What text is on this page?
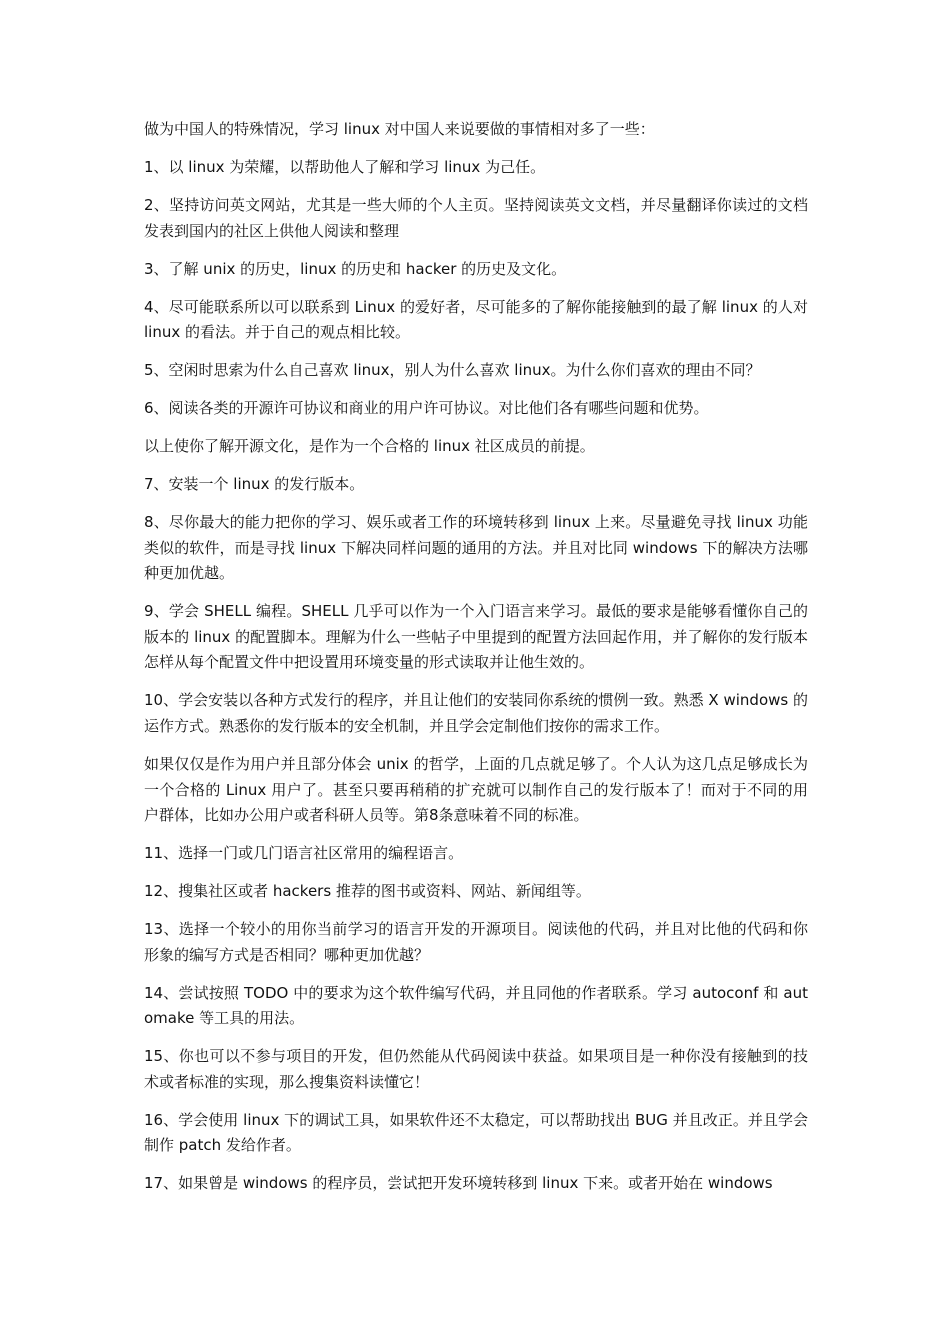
做为中国人的特殊情况，学习 linux 对中国人来说要做的事情相对多了一些：

1、以 linux 为荣耀，以帮助他人了解和学习 linux 为己任。

2、坚持访问英文网站，尤其是一些大师的个人主页。坚持阅读英文文档，并尽量翻译你读过的文档发表到国内的社区上供他人阅读和整理

3、了解 unix 的历史，linux 的历史和 hacker 的历史及文化。

4、尽可能联系所以可以联系到 Linux 的爱好者，尽可能多的了解你能接触到的最了解 linux 的人对 linux 的看法。并于自己的观点相比较。

5、空闲时思索为什么自己喜欢 linux，别人为什么喜欢 linux。为什么你们喜欢的理由不同？

6、阅读各类的开源许可协议和商业的用户许可协议。对比他们各有哪些问题和优势。

以上使你了解开源文化，是作为一个合格的 linux 社区成员的前提。

7、安装一个 linux 的发行版本。

8、尽你最大的能力把你的学习、娱乐或者工作的环境转移到 linux 上来。尽量避免寻找 linux 功能类似的软件，而是寻找 linux 下解决同样问题的通用的方法。并且对比同 windows 下的解决方法哪种更加优越。

9、学会 SHELL 编程。SHELL 几乎可以作为一个入门语言来学习。最低的要求是能够看懂你自己的版本的 linux 的配置脚本。理解为什么一些帖子中里提到的配置方法回起作用，并了解你的发行版本怎样从每个配置文件中把设置用环境变量的形式读取并让他生效的。

10、学会安装以各种方式发行的程序，并且让他们的安装同你系统的惯例一致。熟悉 X windows 的运作方式。熟悉你的发行版本的安全机制，并且学会定制他们按你的需求工作。

如果仅仅是作为用户并且部分体会 unix 的哲学，上面的几点就足够了。个人认为这几点足够成长为一个合格的 Linux 用户了。甚至只要再稍稍的扩充就可以制作自己的发行版本了！而对于不同的用户群体，比如办公用户或者科研人员等。第8条意味着不同的标准。

11、选择一门或几门语言社区常用的编程语言。

12、搜集社区或者 hackers 推荐的图书或资料、网站、新闻组等。

13、选择一个较小的用你当前学习的语言开发的开源项目。阅读他的代码，并且对比他的代码和你形象的编写方式是否相同？哪种更加优越？

14、尝试按照 TODO 中的要求为这个软件编写代码，并且同他的作者联系。学习 autoconf 和 automake 等工具的用法。

15、你也可以不参与项目的开发，但仍然能从代码阅读中获益。如果项目是一种你没有接触到的技术或者标准的实现，那么搜集资料读懂它！

16、学会使用 linux 下的调试工具，如果软件还不太稳定，可以帮助找出 BUG 并且改正。并且学会制作 patch 发给作者。

17、如果曾是 windows 的程序员，尝试把开发环境转移到 linux 下来。或者开始在 windows
